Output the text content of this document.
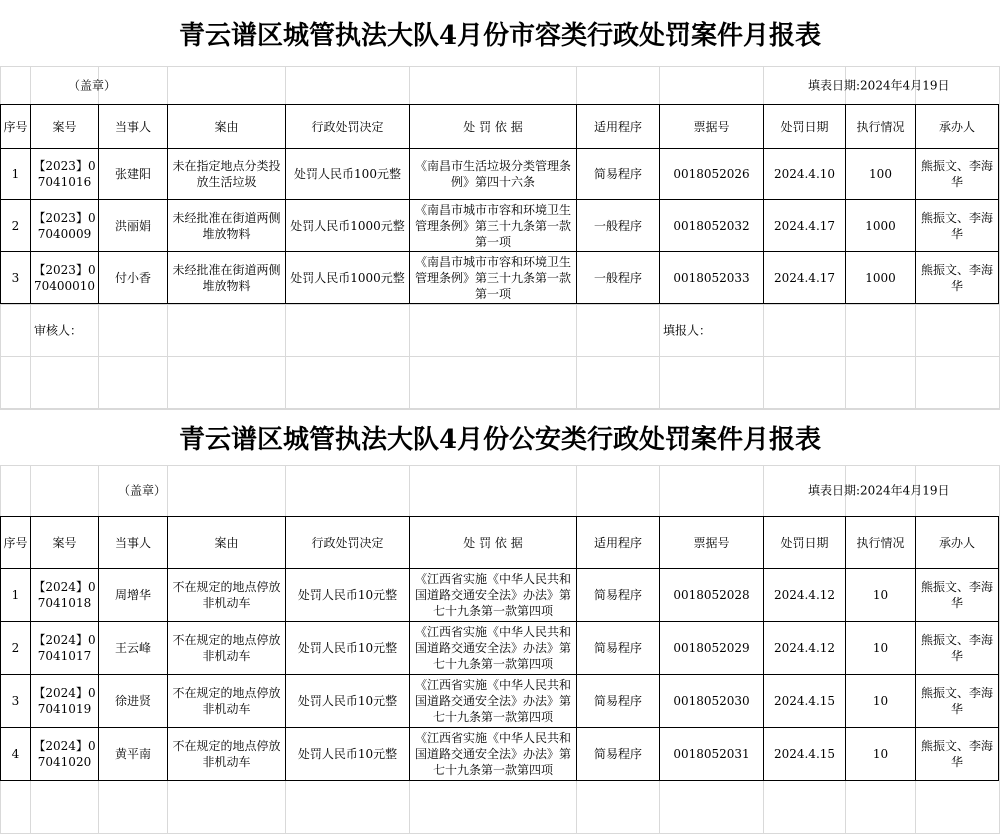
青云谱区城管执法大队4月份市容类行政处罚案件月报表
（盖章）	填表日期:2024年4月19日
序号	案号	当事人	案由	行政处罚决定	处 罚 依 据	适用程序	票据号	处罚日期	执行情况	承办人
1	【2023】07041016	张建阳	未在指定地点分类投放生活垃圾	处罚人民币100元整	《南昌市生活垃圾分类管理条例》第四十六条	简易程序	0018052026	2024.4.10	100	熊振文、李海华
2	【2023】07040009	洪丽娟	未经批准在街道两侧堆放物料	处罚人民币1000元整	《南昌市城市市容和环境卫生管理条例》第三十九条第一款第一项	一般程序	0018052032	2024.4.17	1000	熊振文、李海华
3	【2023】070400010	付小香	未经批准在街道两侧堆放物料	处罚人民币1000元整	《南昌市城市市容和环境卫生管理条例》第三十九条第一款第一项	一般程序	0018052033	2024.4.17	1000	熊振文、李海华
审核人：	填报人：
青云谱区城管执法大队4月份公安类行政处罚案件月报表
（盖章）	填表日期:2024年4月19日
序号	案号	当事人	案由	行政处罚决定	处 罚 依 据	适用程序	票据号	处罚日期	执行情况	承办人
1	【2024】07041018	周增华	不在规定的地点停放非机动车	处罚人民币10元整	《江西省实施《中华人民共和国道路交通安全法》办法》第七十九条第一款第四项	简易程序	0018052028	2024.4.12	10	熊振文、李海华
2	【2024】07041017	王云峰	不在规定的地点停放非机动车	处罚人民币10元整	《江西省实施《中华人民共和国道路交通安全法》办法》第七十九条第一款第四项	简易程序	0018052029	2024.4.12	10	熊振文、李海华
3	【2024】07041019	徐进贤	不在规定的地点停放非机动车	处罚人民币10元整	《江西省实施《中华人民共和国道路交通安全法》办法》第七十九条第一款第四项	简易程序	0018052030	2024.4.15	10	熊振文、李海华
4	【2024】07041020	黄平南	不在规定的地点停放非机动车	处罚人民币10元整	《江西省实施《中华人民共和国道路交通安全法》办法》第七十九条第一款第四项	简易程序	0018052031	2024.4.15	10	熊振文、李海华
